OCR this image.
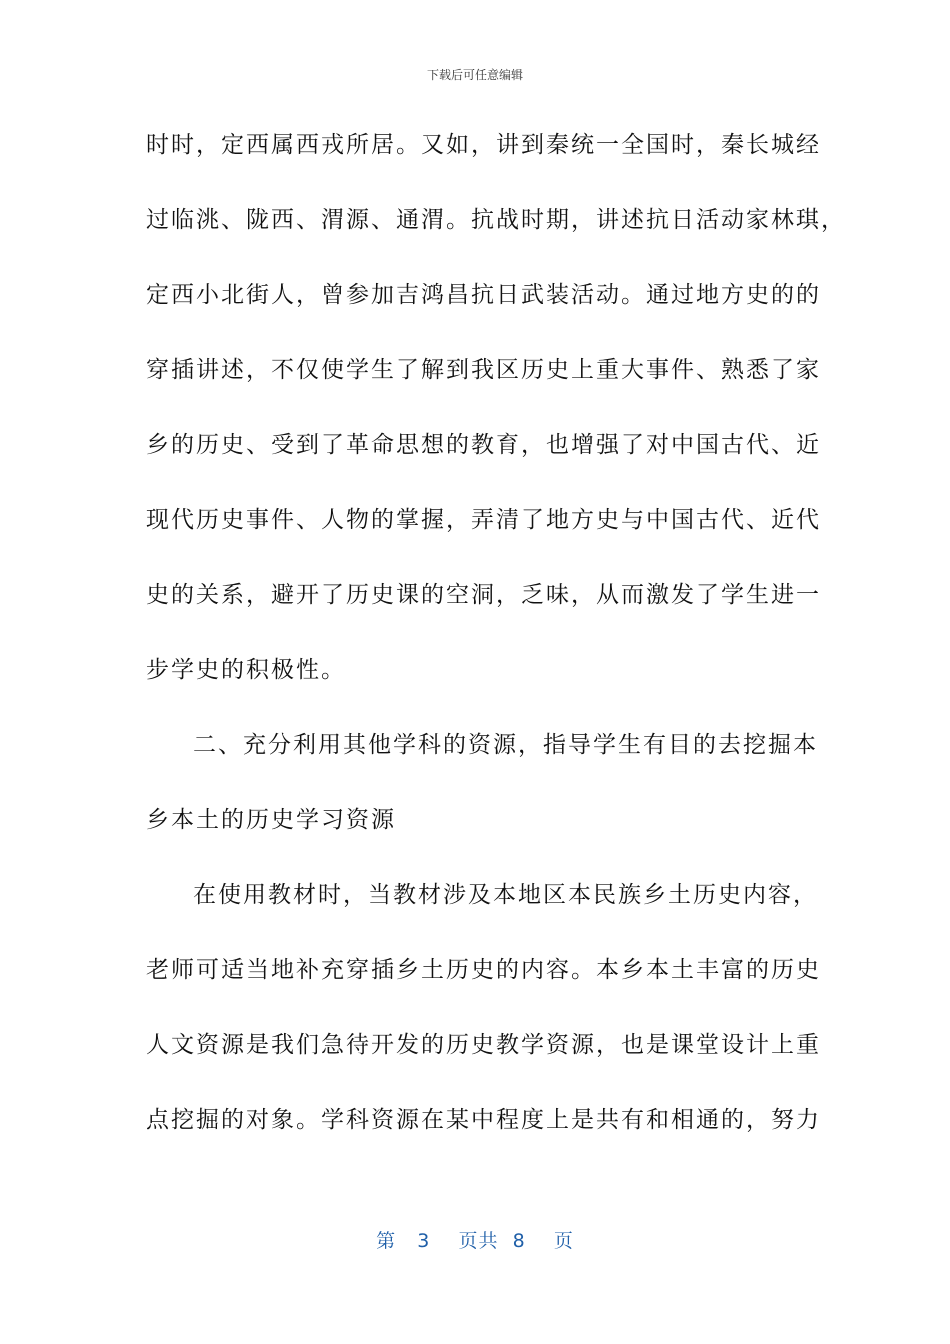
下载后可任意编辑
时时，定西属西戎所居。又如，讲到秦统一全国时，秦长城经
过临洮、陇西、渭源、通渭。抗战时期，讲述抗日活动家林琪，
定西小北街人，曾参加吉鸿昌抗日武装活动。通过地方史的的
穿插讲述，不仅使学生了解到我区历史上重大事件、熟悉了家
乡的历史、受到了革命思想的教育，也增强了对中国古代、近
现代历史事件、人物的掌握，弄清了地方史与中国古代、近代
史的关系，避开了历史课的空洞，乏味，从而激发了学生进一
步学史的积极性。
二、充分利用其他学科的资源，指导学生有目的去挖掘本
乡本土的历史学习资源
在使用教材时，当教材涉及本地区本民族乡土历史内容，
老师可适当地补充穿插乡土历史的内容。本乡本土丰富的历史
人文资源是我们急待开发的历史教学资源，也是课堂设计上重
点挖掘的对象。学科资源在某中程度上是共有和相通的，努力
第 3 页共 8 页
